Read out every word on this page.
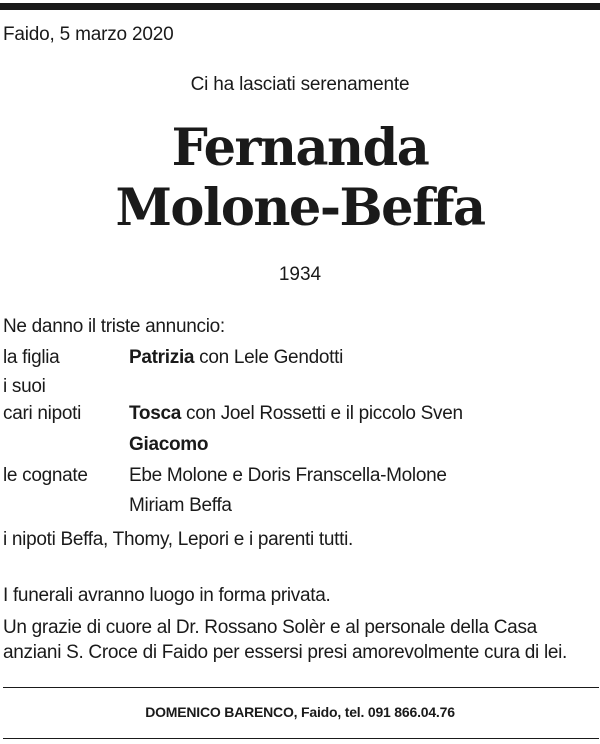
Faido, 5 marzo 2020
Ci ha lasciati serenamente
Fernanda
Molone-Beffa
1934
Ne danno il triste annuncio:
la figlia	Patrizia con Lele Gendotti
i suoi
cari nipoti	Tosca con Joel Rossetti e il piccolo Sven
Giacomo
le cognate Ebe Molone e Doris Franscella-Molone
Miriam Beffa
i nipoti Beffa, Thomy, Lepori e i parenti tutti.
I funerali avranno luogo in forma privata.
Un grazie di cuore al Dr. Rossano Solèr e al personale della Casa
anziani S. Croce di Faido per essersi presi amorevolmente cura di lei.
DOMENICO BARENCO, Faido, tel. 091 866.04.76
